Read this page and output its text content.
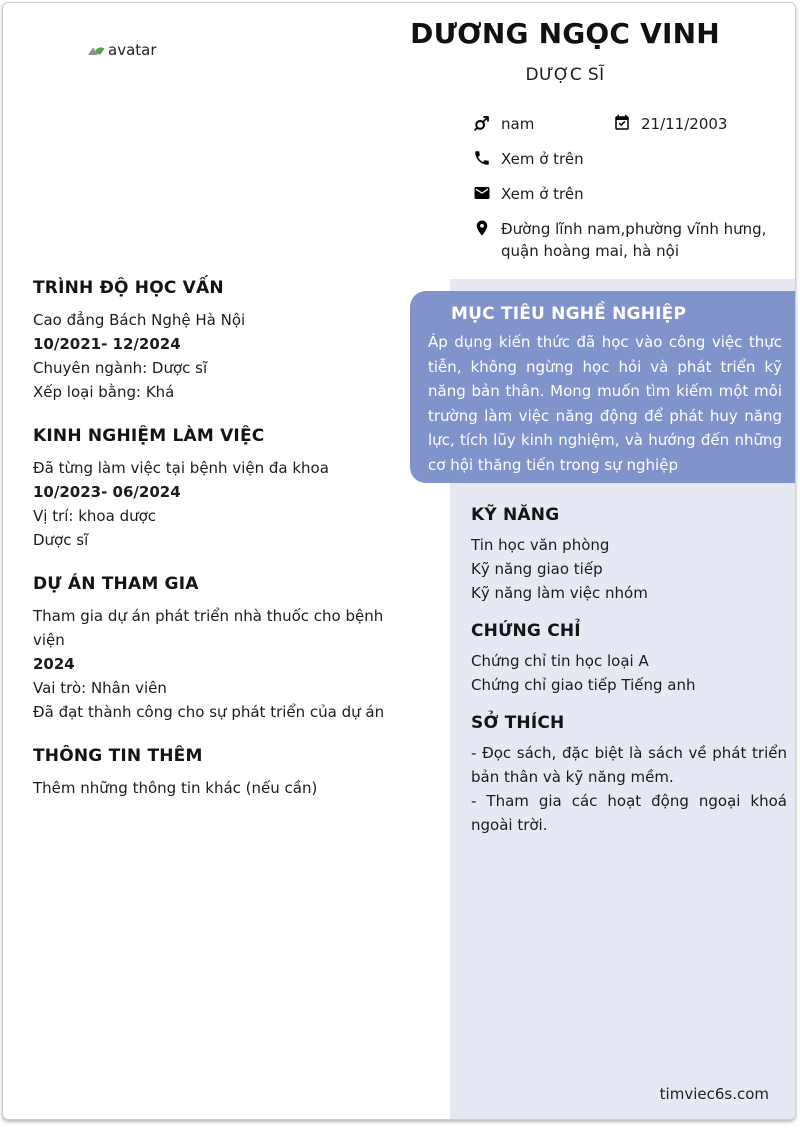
avatar	DƯƠNG NGỌC VINH
DƯỢC SĨ
nam	21/11/2003
Xem ở trên
Xem ở trên
Đường lĩnh nam,phường vĩnh hưng, quận hoàng mai, hà nội
MỤC TIÊU NGHỀ NGHIỆP

Áp dụng kiến thức đã học vào công việc thực tiễn, không ngừng học hỏi và phát triển kỹ năng bản thân. Mong muốn tìm kiếm một môi trường làm việc năng động để phát huy năng lực, tích lũy kinh nghiệm, và hướng đến những cơ hội thăng tiến trong sự nghiệp

TRÌNH ĐỘ HỌC VẤN

Cao đẳng Bách Nghệ Hà Nội

10/2021- 12/2024

Chuyên ngành: Dược sĩ

Xếp loại bằng: Khá

KINH NGHIỆM LÀM VIỆC

Đã từng làm việc tại bệnh viện đa khoa

10/2023- 06/2024

Vị trí: khoa dược

Dược sĩ

DỰ ÁN THAM GIA

Tham gia dự án phát triển nhà thuốc cho bệnh viện

2024

Vai trò: Nhân viên

Đã đạt thành công cho sự phát triển của dự án

THÔNG TIN THÊM

Thêm những thông tin khác (nếu cần)

KỸ NĂNG

Tin học văn phòng

Kỹ năng giao tiếp

Kỹ năng làm việc nhóm

CHỨNG CHỈ

Chứng chỉ tin học loại A

Chứng chỉ giao tiếp Tiếng anh

SỞ THÍCH

- Đọc sách, đặc biệt là sách về phát triển bản thân và kỹ năng mềm.

- Tham gia các hoạt động ngoại khoá ngoài trời.

timviec6s.com
